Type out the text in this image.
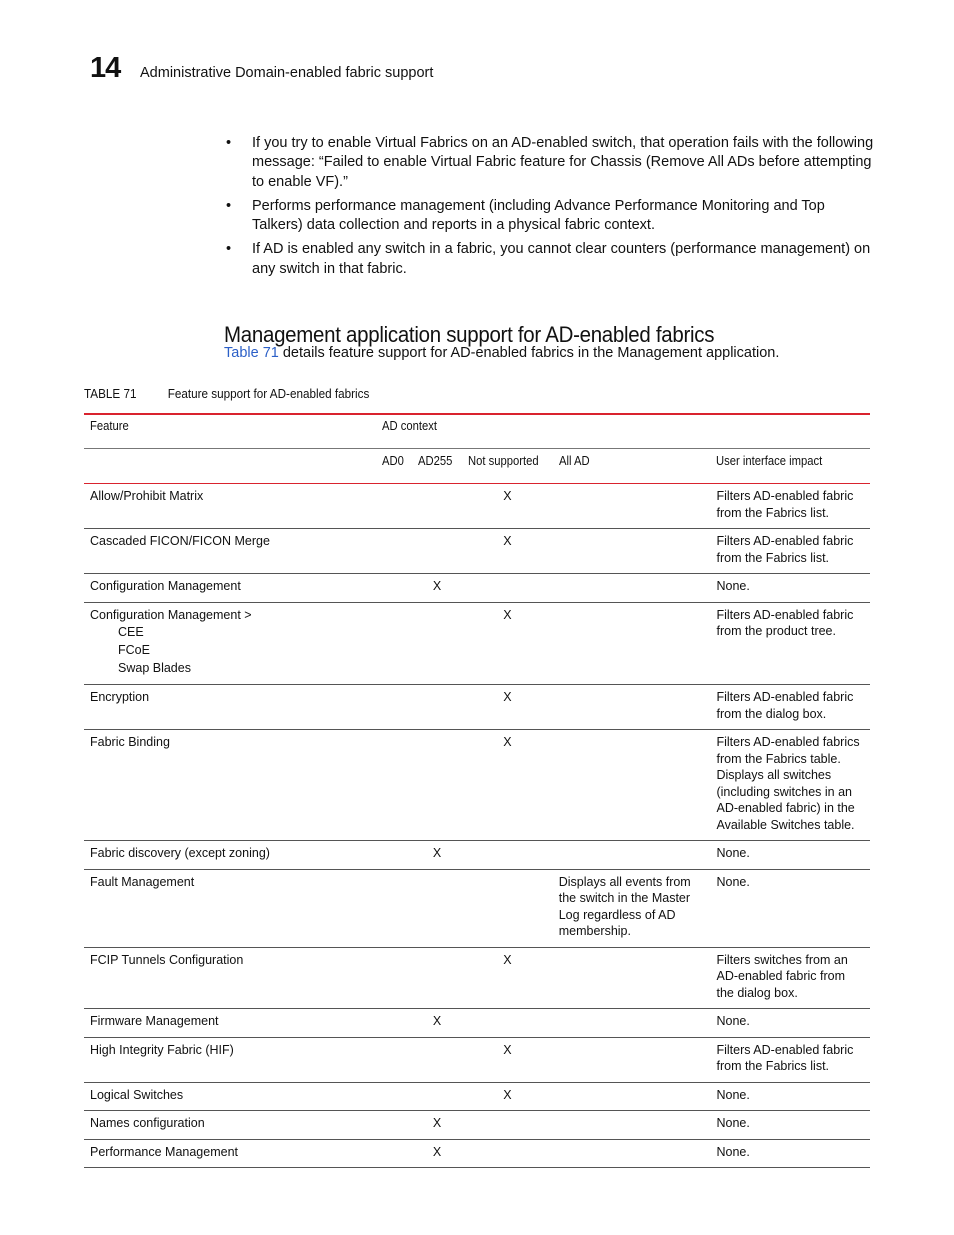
14 Administrative Domain-enabled fabric support
• If you try to enable Virtual Fabrics on an AD-enabled switch, that operation fails with the following message: “Failed to enable Virtual Fabric feature for Chassis (Remove All ADs before attempting to enable VF).”
• Performs performance management (including Advance Performance Monitoring and Top Talkers) data collection and reports in a physical fabric context.
• If AD is enabled any switch in a fabric, you cannot clear counters (performance management) on any switch in that fabric.
Management application support for AD-enabled fabrics
Table 71 details feature support for AD-enabled fabrics in the Management application.
TABLE 71 Feature support for AD-enabled fabrics
Feature	AD context				
	AD0	AD255	Not supported	All AD	User interface impact
Allow/Prohibit Matrix			X		Filters AD-enabled fabric from the Fabrics list.
Cascaded FICON/FICON Merge			X		Filters AD-enabled fabric from the Fabrics list.
Configuration Management		X			None.
Configuration Management >
CEE
FCoE
Swap Blades			X		Filters AD-enabled fabric from the product tree.
Encryption			X		Filters AD-enabled fabric from the dialog box.
Fabric Binding			X		Filters AD-enabled fabrics from the Fabrics table. Displays all switches (including switches in an AD-enabled fabric) in the Available Switches table.
Fabric discovery (except zoning)		X			None.
Fault Management				Displays all events from the switch in the Master Log regardless of AD membership.	None.
FCIP Tunnels Configuration			X		Filters switches from an AD-enabled fabric from the dialog box.
Firmware Management		X			None.
High Integrity Fabric (HIF)			X		Filters AD-enabled fabric from the Fabrics list.
Logical Switches			X		None.
Names configuration		X			None.
Performance Management		X			None.
